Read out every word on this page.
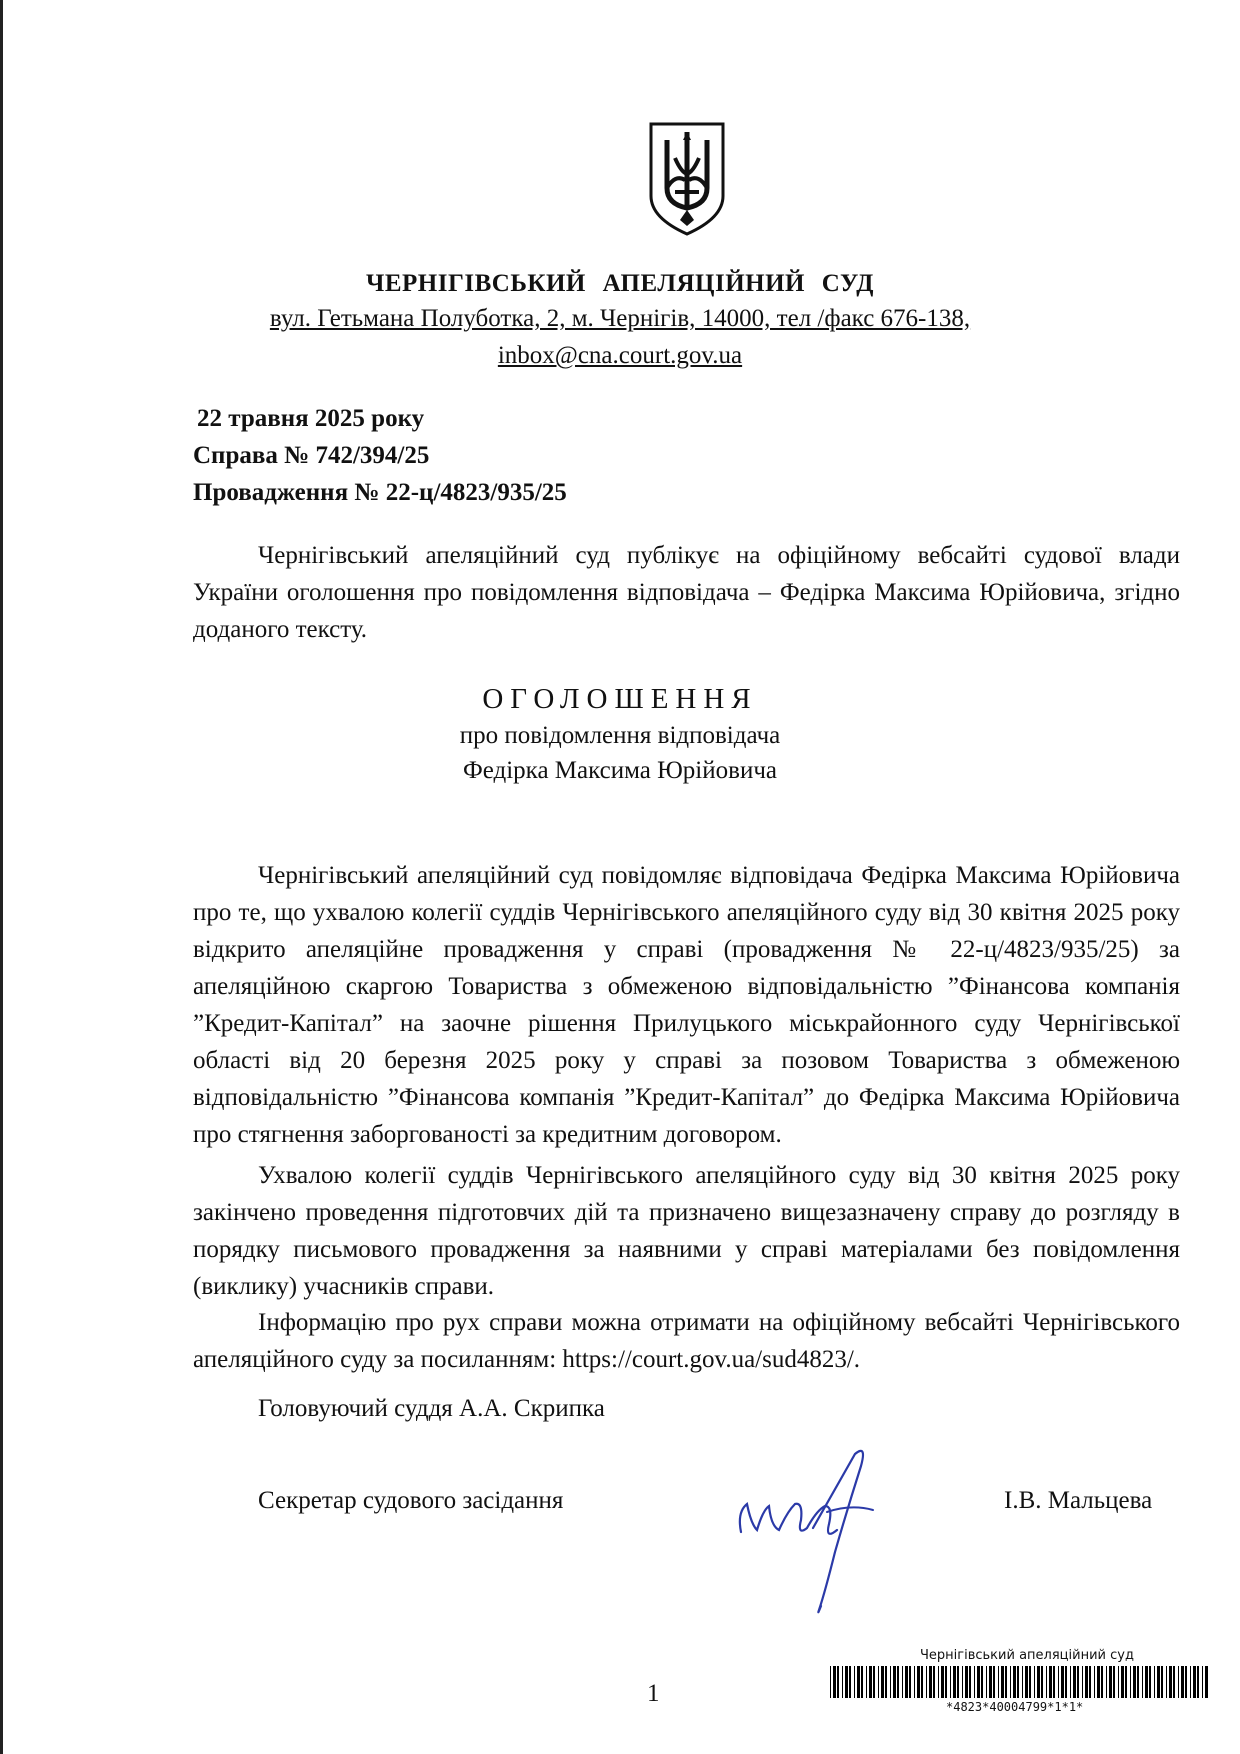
ЧЕРНІГІВСЬКИЙ АПЕЛЯЦІЙНИЙ СУД
вул. Гетьмана Полуботка, 2, м. Чернігів, 14000, тел /факс 676-138,
inbox@cna.court.gov.ua
22 травня 2025 року
Справа № 742/394/25
Провадження № 22-ц/4823/935/25

Чернігівський апеляційний суд публікує на офіційному вебсайті судової влади України оголошення про повідомлення відповідача – Федірка Максима Юрійовича, згідно доданого тексту.

ОГОЛОШЕННЯ
про повідомлення відповідача
Федірка Максима Юрійовича

Чернігівський апеляційний суд повідомляє відповідача Федірка Максима Юрійовича про те, що ухвалою колегії суддів Чернігівського апеляційного суду від 30 квітня 2025 року відкрито апеляційне провадження у справі (провадження № 22-ц/4823/935/25) за апеляційною скаргою Товариства з обмеженою відповідальністю ”Фінансова компанія ”Кредит-Капітал” на заочне рішення Прилуцького міськрайонного суду Чернігівської області від 20 березня 2025 року у справі за позовом Товариства з обмеженою відповідальністю ”Фінансова компанія ”Кредит-Капітал” до Федірка Максима Юрійовича про стягнення заборгованості за кредитним договором.

Ухвалою колегії суддів Чернігівського апеляційного суду від 30 квітня 2025 року закінчено проведення підготовчих дій та призначено вищезазначену справу до розгляду в порядку письмового провадження за наявними у справі матеріалами без повідомлення (виклику) учасників справи.

Інформацію про рух справи можна отримати на офіційному вебсайті Чернігівського апеляційного суду за посиланням: https://court.gov.ua/sud4823/.

Головуючий суддя А.А. Скрипка
Секретар судового засідання	І.В. Мальцева
1
Чернігівський апеляційний суд
*4823*40004799*1*1*
